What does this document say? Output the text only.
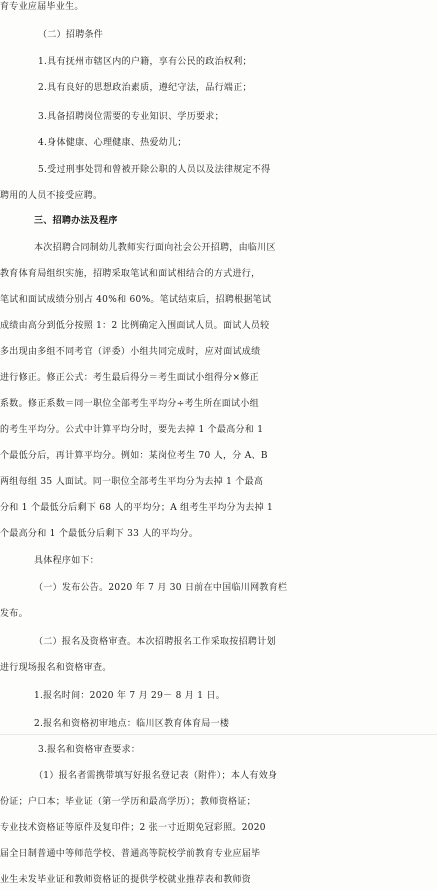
育专业应届毕业生。
（二）招聘条件
1.具有抚州市辖区内的户籍，享有公民的政治权利；
2.具有良好的思想政治素质，遵纪守法，品行端正；
3.具备招聘岗位需要的专业知识、学历要求；
4.身体健康、心理健康、热爱幼儿；
5.受过刑事处罚和曾被开除公职的人员以及法律规定不得
聘用的人员不接受应聘。
三、招聘办法及程序
本次招聘合同制幼儿教师实行面向社会公开招聘，由临川区
教育体育局组织实施，招聘采取笔试和面试相结合的方式进行，
笔试和面试成绩分别占 40%和 60%。笔试结束后，招聘根据笔试
成绩由高分到低分按照 1：2 比例确定入围面试人员。面试人员较
多出现由多组不同考官（评委）小组共同完成时，应对面试成绩
进行修正。修正公式：考生最后得分＝考生面试小组得分×修正
系数。修正系数＝同一职位全部考生平均分÷考生所在面试小组
的考生平均分。公式中计算平均分时，要先去掉 1 个最高分和 1
个最低分后，再计算平均分。例如：某岗位考生 70 人，分 A、B
两组每组 35 人面试。同一职位全部考生平均分为去掉 1 个最高
分和 1 个最低分后剩下 68 人的平均分；A 组考生平均分为去掉 1
个最高分和 1 个最低分后剩下 33 人的平均分。
具体程序如下：
（一）发布公告。2020 年 7 月 30 日前在中国临川网教育栏
发布。
（二）报名及资格审查。本次招聘报名工作采取按招聘计划
进行现场报名和资格审查。
1.报名时间：2020 年 7 月 29－ 8 月 1 日。
2.报名和资格初审地点：临川区教育体育局一楼
3.报名和资格审查要求：
（1）报名者需携带填写好报名登记表（附件）；本人有效身
份证；户口本；毕业证（第一学历和最高学历）；教师资格证；
专业技术资格证等原件及复印件；2 张一寸近期免冠彩照。2020
届全日制普通中等师范学校、普通高等院校学前教育专业应届毕
业生未发毕业证和教师资格证的提供学校就业推荐表和教师资
